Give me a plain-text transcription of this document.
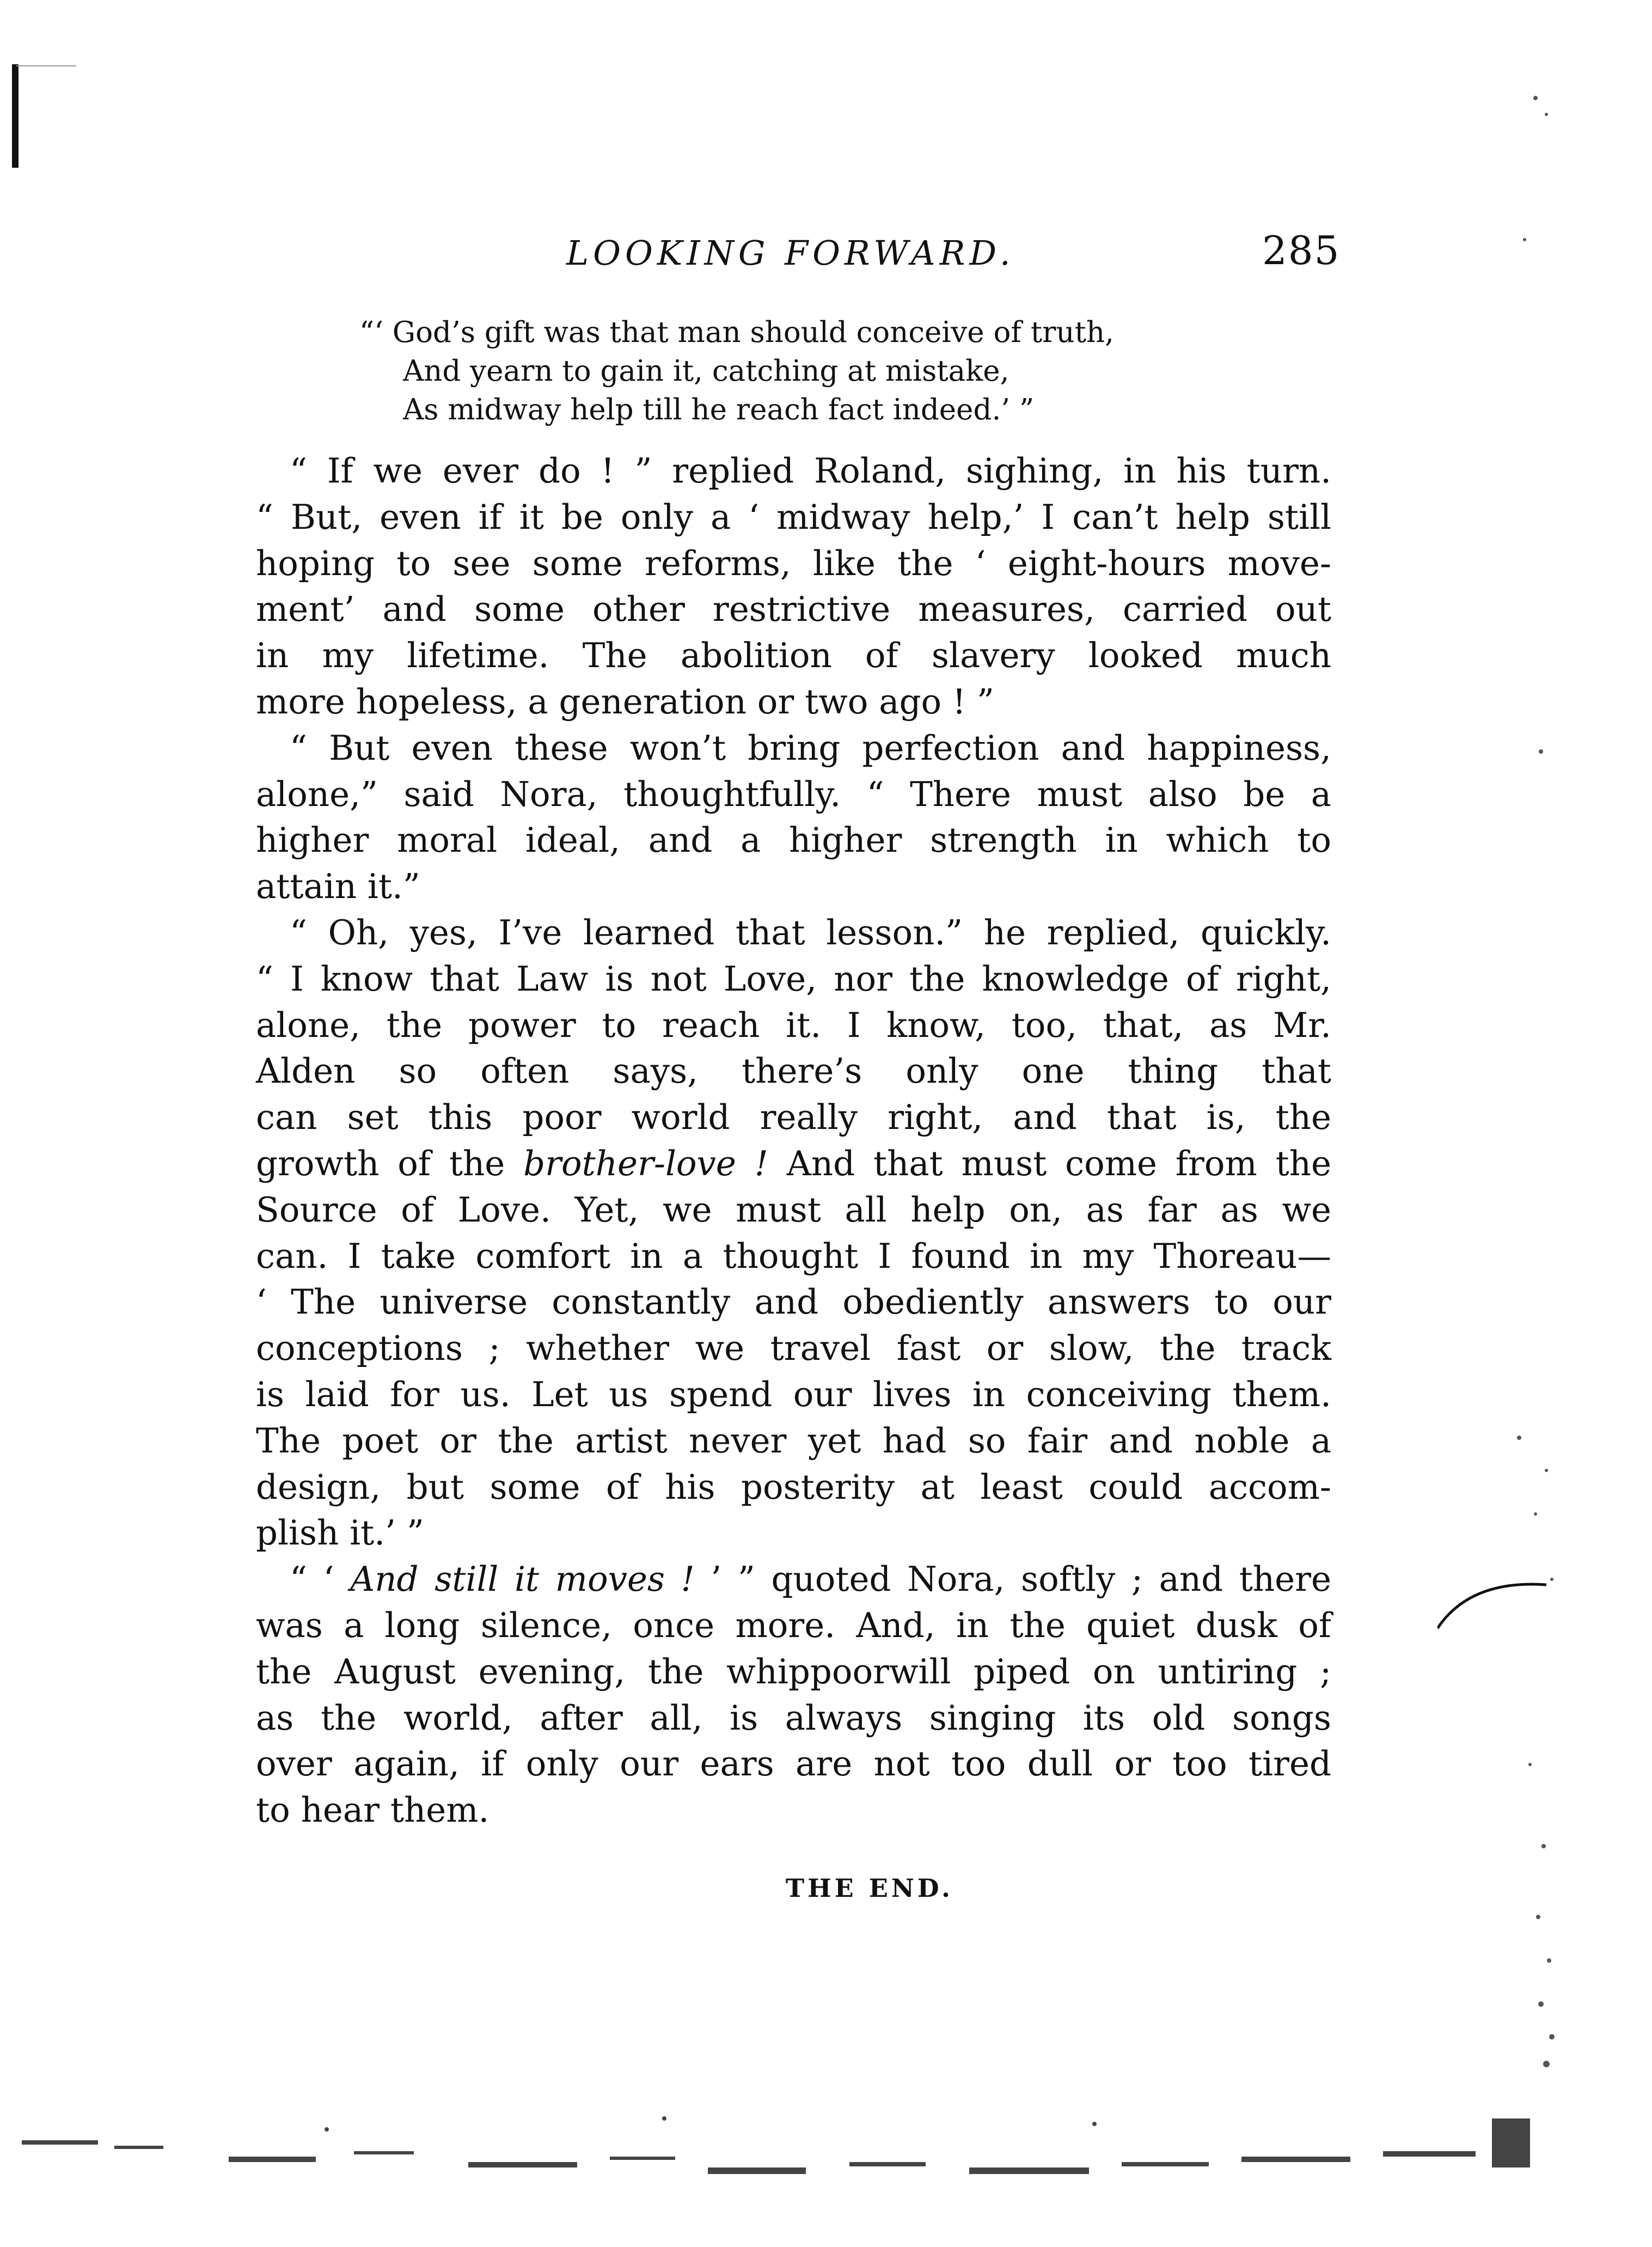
LOOKING FORWARD.	285
“‘ God’s gift was that man should conceive of truth,
And yearn to gain it, catching at mistake,
As midway help till he reach fact indeed.’ ”
“ If we ever do ! ” replied Roland, sighing, in his turn.
“ But, even if it be only a ‘ midway help,’ I can’t help still
hoping to see some reforms, like the ‘ eight-hours move-
ment’ and some other restrictive measures, carried out
in my lifetime. The abolition of slavery looked much
more hopeless, a generation or two ago ! ”
“ But even these won’t bring perfection and happiness,
alone,” said Nora, thoughtfully. “ There must also be a
higher moral ideal, and a higher strength in which to
attain it.”
“ Oh, yes, I’ve learned that lesson.” he replied, quickly.
“ I know that Law is not Love, nor the knowledge of right,
alone, the power to reach it. I know, too, that, as Mr.
Alden so often says, there’s only one thing that
can set this poor world really right, and that is, the
growth of the brother-love ! And that must come from the
Source of Love. Yet, we must all help on, as far as we
can. I take comfort in a thought I found in my Thoreau—
‘ The universe constantly and obediently answers to our
conceptions ; whether we travel fast or slow, the track
is laid for us. Let us spend our lives in conceiving them.
The poet or the artist never yet had so fair and noble a
design, but some of his posterity at least could accom-
plish it.’ ”
“ ‘ And still it moves ! ’ ” quoted Nora, softly ; and there
was a long silence, once more. And, in the quiet dusk of
the August evening, the whippoorwill piped on untiring ;
as the world, after all, is always singing its old songs
over again, if only our ears are not too dull or too tired
to hear them.
THE END.
